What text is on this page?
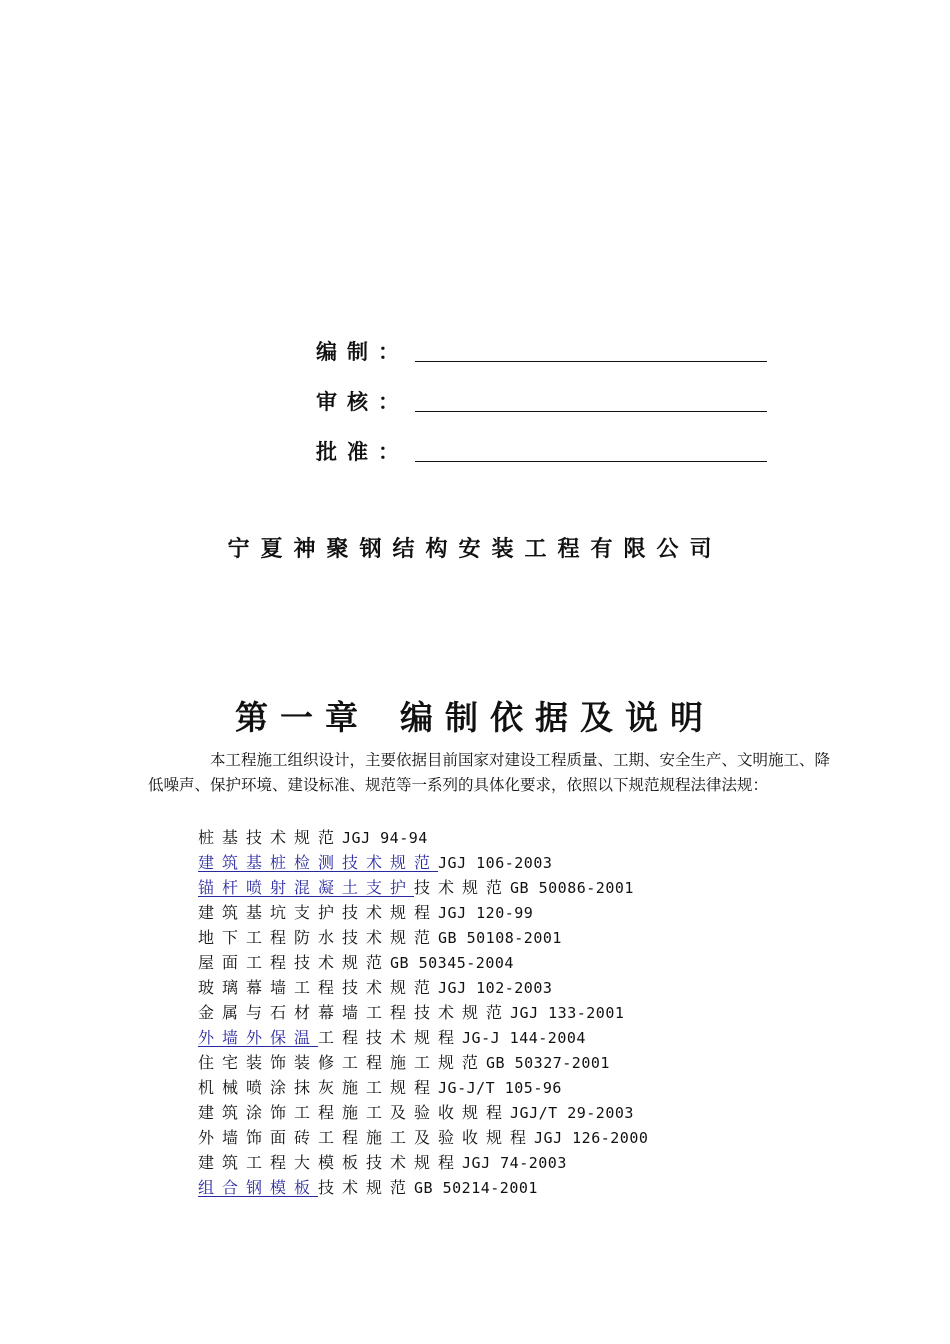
编制：
审核：
批准：
宁夏神聚钢结构安装工程有限公司
第一章 编制依据及说明
本工程施工组织设计，主要依据目前国家对建设工程质量、工期、安全生产、文明施工、降低噪声、保护环境、建设标准、规范等一系列的具体化要求，依照以下规范规程法律法规：
桩基技术规范JGJ 94-94
建筑基桩检测技术规范JGJ 106-2003
锚杆喷射混凝土支护技术规范GB 50086-2001
建筑基坑支护技术规程JGJ 120-99
地下工程防水技术规范GB 50108-2001
屋面工程技术规范GB 50345-2004
玻璃幕墙工程技术规范JGJ 102-2003
金属与石材幕墙工程技术规范JGJ 133-2001
外墙外保温工程技术规程JG-J 144-2004
住宅装饰装修工程施工规范GB 50327-2001
机械喷涂抹灰施工规程JG-J/T 105-96
建筑涂饰工程施工及验收规程JGJ/T 29-2003
外墙饰面砖工程施工及验收规程JGJ 126-2000
建筑工程大模板技术规程JGJ 74-2003
组合钢模板技术规范GB 50214-2001
